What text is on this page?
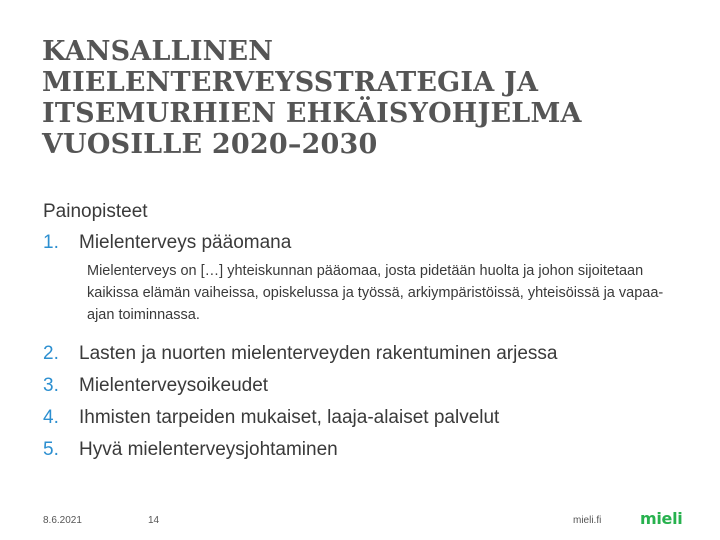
KANSALLINEN
MIELENTERVEYSSTRATEGIA JA
ITSEMURHIEN EHKÄISYOHJELMA
VUOSILLE 2020–2030

Painopisteet

1. Mielenterveys pääomana

Mielenterveys on […] yhteiskunnan pääomaa, josta pidetään huolta ja johon sijoitetaan kaikissa elämän vaiheissa, opiskelussa ja työssä, arkiympäristöissä, yhteisöissä ja vapaa-ajan toiminnassa.

2. Lasten ja nuorten mielenterveyden rakentuminen arjessa
3. Mielenterveysoikeudet
4. Ihmisten tarpeiden mukaiset, laaja-alaiset palvelut
5. Hyvä mielenterveysjohtaminen
8.6.2021	14	mieli.fi mieli
